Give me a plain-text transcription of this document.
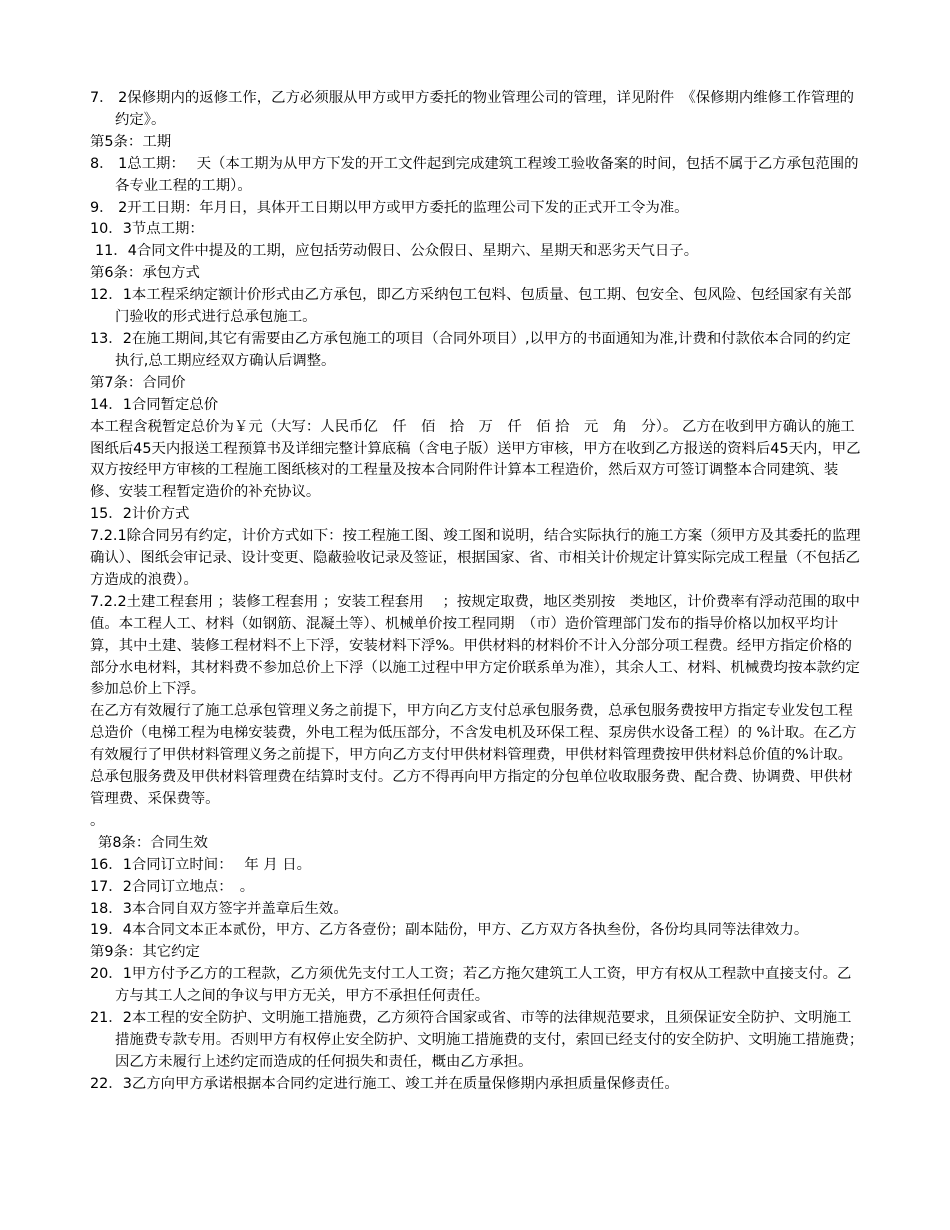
7． 2保修期内的返修工作，乙方必须服从甲方或甲方委托的物业管理公司的管理，详见附件　《保修期内维修工作管理的约定》。

第5条：工期

8． 1总工期：　 天（本工期为从甲方下发的开工文件起到完成建筑工程竣工验收备案的时间，包括不属于乙方承包范围的各专业工程的工期）。

9． 2开工日期：年月日，具体开工日期以甲方或甲方委托的监理公司下发的正式开工令为准。

10．3节点工期：

11．4合同文件中提及的工期，应包括劳动假日、公众假日、星期六、星期天和恶劣天气日子。

第6条：承包方式

12．1本工程采纳定额计价形式由乙方承包，即乙方采纳包工包料、包质量、包工期、包安全、包风险、包经国家有关部门验收的形式进行总承包施工。

13．2在施工期间,其它有需要由乙方承包施工的项目（合同外项目）,以甲方的书面通知为准,计费和付款依本合同的约定执行,总工期应经双方确认后调整。

第7条：合同价

14．1合同暂定总价

本工程含税暂定总价为￥元（大写：人民币亿　仟　佰　拾　万　仟　佰 拾　元　角　分）。 乙方在收到甲方确认的施工图纸后45天内报送工程预算书及详细完整计算底稿（含电子版）送甲方审核，甲方在收到乙方报送的资料后45天内，甲乙双方按经甲方审核的工程施工图纸核对的工程量及按本合同附件计算本工程造价，然后双方可签订调整本合同建筑、装修、安装工程暂定造价的补充协议。

15．2计价方式

7.2.1除合同另有约定，计价方式如下：按工程施工图、竣工图和说明，结合实际执行的施工方案（须甲方及其委托的监理确认）、图纸会审记录、设计变更、隐蔽验收记录及签证，根据国家、省、市相关计价规定计算实际完成工程量（不包括乙方造成的浪费）。

7.2.2土建工程套用 ；装修工程套用 ；安装工程套用 　；按规定取费，地区类别按　类地区，计价费率有浮动范围的取中值。本工程人工、材料（如钢筋、混凝土等）、机械单价按工程同期　（市）造价管理部门发布的指导价格以加权平均计算，其中土建、装修工程材料不上下浮，安装材料下浮%。甲供材料的材料价不计入分部分项工程费。经甲方指定价格的部分水电材料，其材料费不参加总价上下浮（以施工过程中甲方定价联系单为准），其余人工、材料、机械费均按本款约定参加总价上下浮。

在乙方有效履行了施工总承包管理义务之前提下，甲方向乙方支付总承包服务费，总承包服务费按甲方指定专业发包工程总造价（电梯工程为电梯安装费，外电工程为低压部分，不含发电机及环保工程、泵房供水设备工程）的 %计取。在乙方有效履行了甲供材料管理义务之前提下，甲方向乙方支付甲供材料管理费，甲供材料管理费按甲供材料总价值的%计取。总承包服务费及甲供材料管理费在结算时支付。乙方不得再向甲方指定的分包单位收取服务费、配合费、协调费、甲供材管理费、采保费等。

。

第8条：合同生效

16．1合同订立时间：　 年 月 日。

17．2合同订立地点：　。

18．3本合同自双方签字并盖章后生效。

19．4本合同文本正本贰份，甲方、乙方各壹份；副本陆份，甲方、乙方双方各执叁份，各份均具同等法律效力。

第9条：其它约定

20．1甲方付予乙方的工程款，乙方须优先支付工人工资；若乙方拖欠建筑工人工资，甲方有权从工程款中直接支付。乙方与其工人之间的争议与甲方无关，甲方不承担任何责任。

21．2本工程的安全防护、文明施工措施费，乙方须符合国家或省、市等的法律规范要求，且须保证安全防护、文明施工措施费专款专用。否则甲方有权停止安全防护、文明施工措施费的支付，索回已经支付的安全防护、文明施工措施费；因乙方未履行上述约定而造成的任何损失和责任，概由乙方承担。

22．3乙方向甲方承诺根据本合同约定进行施工、竣工并在质量保修期内承担质量保修责任。
